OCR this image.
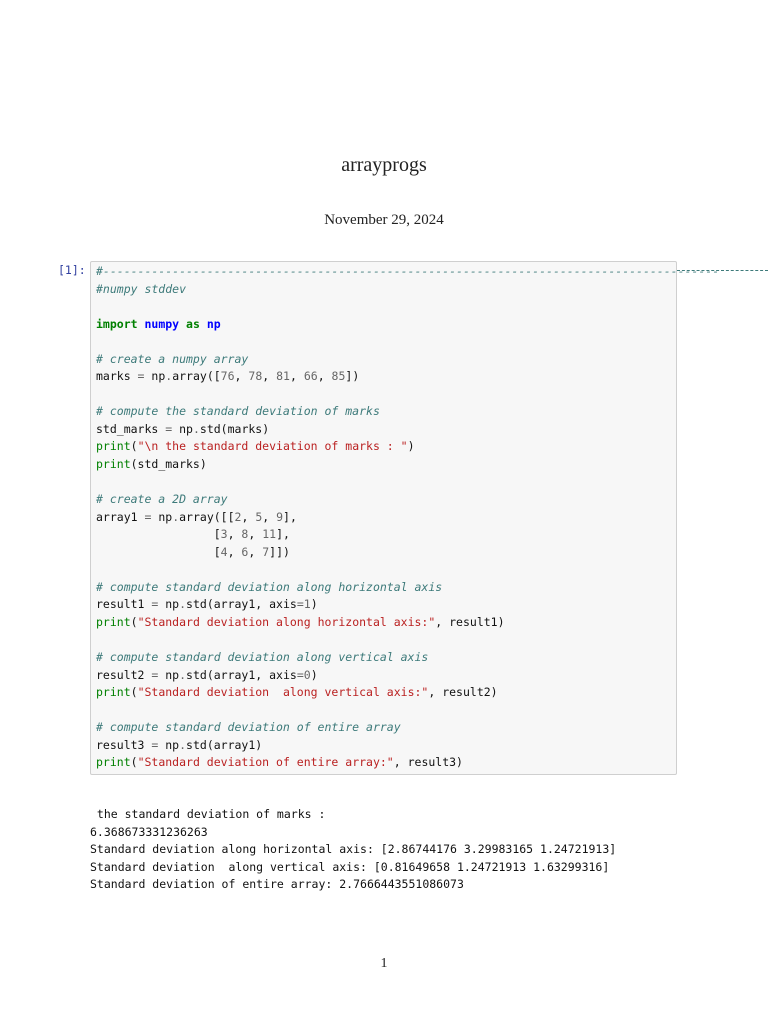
arrayprogs
November 29, 2024
[1]: #-----------------------------------------------------------------------------------------
#numpy stddev
import numpy as np
# create a numpy array
marks = np.array([76, 78, 81, 66, 85])
# compute the standard deviation of marks
std_marks = np.std(marks)
print("\n the standard deviation of marks : ")
print(std_marks)
# create a 2D array
array1 = np.array([[2, 5, 9],
[3, 8, 11],
[4, 6, 7]])
# compute standard deviation along horizontal axis
result1 = np.std(array1, axis=1)
print("Standard deviation along horizontal axis:", result1)
# compute standard deviation along vertical axis
result2 = np.std(array1, axis=0)
print("Standard deviation  along vertical axis:", result2)
# compute standard deviation of entire array
result3 = np.std(array1)
print("Standard deviation of entire array:", result3)
the standard deviation of marks :
6.368673331236263
Standard deviation along horizontal axis: [2.86744176 3.29983165 1.24721913]
Standard deviation  along vertical axis: [0.81649658 1.24721913 1.63299316]
Standard deviation of entire array: 2.7666443551086073
1
